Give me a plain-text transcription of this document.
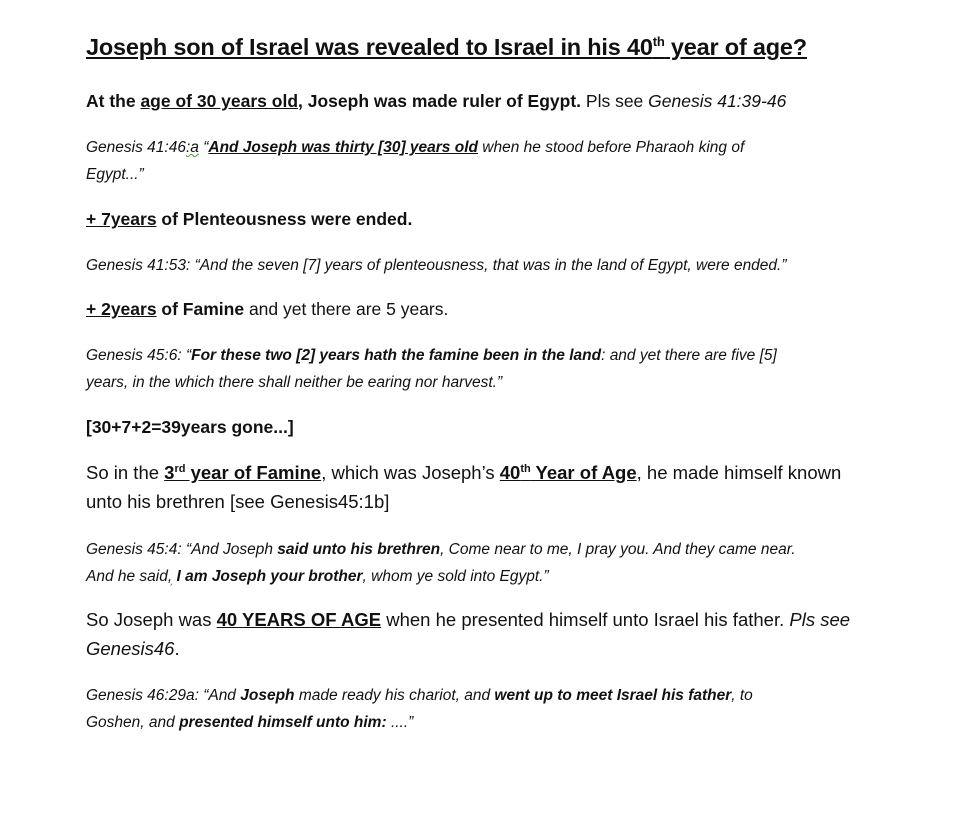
Joseph son of Israel was revealed to Israel in his 40th year of age?
At the age of 30 years old, Joseph was made ruler of Egypt. Pls see Genesis 41:39-46
Genesis 41:46:a “And Joseph was thirty [30] years old when he stood before Pharaoh king of
Egypt...”
+ 7years of Plenteousness were ended.
Genesis 41:53: “And the seven [7] years of plenteousness, that was in the land of Egypt, were ended.”
+ 2years of Famine and yet there are 5 years.
Genesis 45:6: “For these two [2] years hath the famine been in the land: and yet there are five [5]
years, in the which there shall neither be earing nor harvest.”
[30+7+2=39years gone...]
So in the 3rd year of Famine, which was Joseph’s 40th Year of Age, he made himself known
unto his brethren [see Genesis45:1b]
Genesis 45:4: “And Joseph said unto his brethren, Come near to me, I pray you. And they came near.
And he said, I am Joseph your brother, whom ye sold into Egypt.”
So Joseph was 40 YEARS OF AGE when he presented himself unto Israel his father. Pls see
Genesis46.
Genesis 46:29a: “And Joseph made ready his chariot, and went up to meet Israel his father, to
Goshen, and presented himself unto him: ....”
